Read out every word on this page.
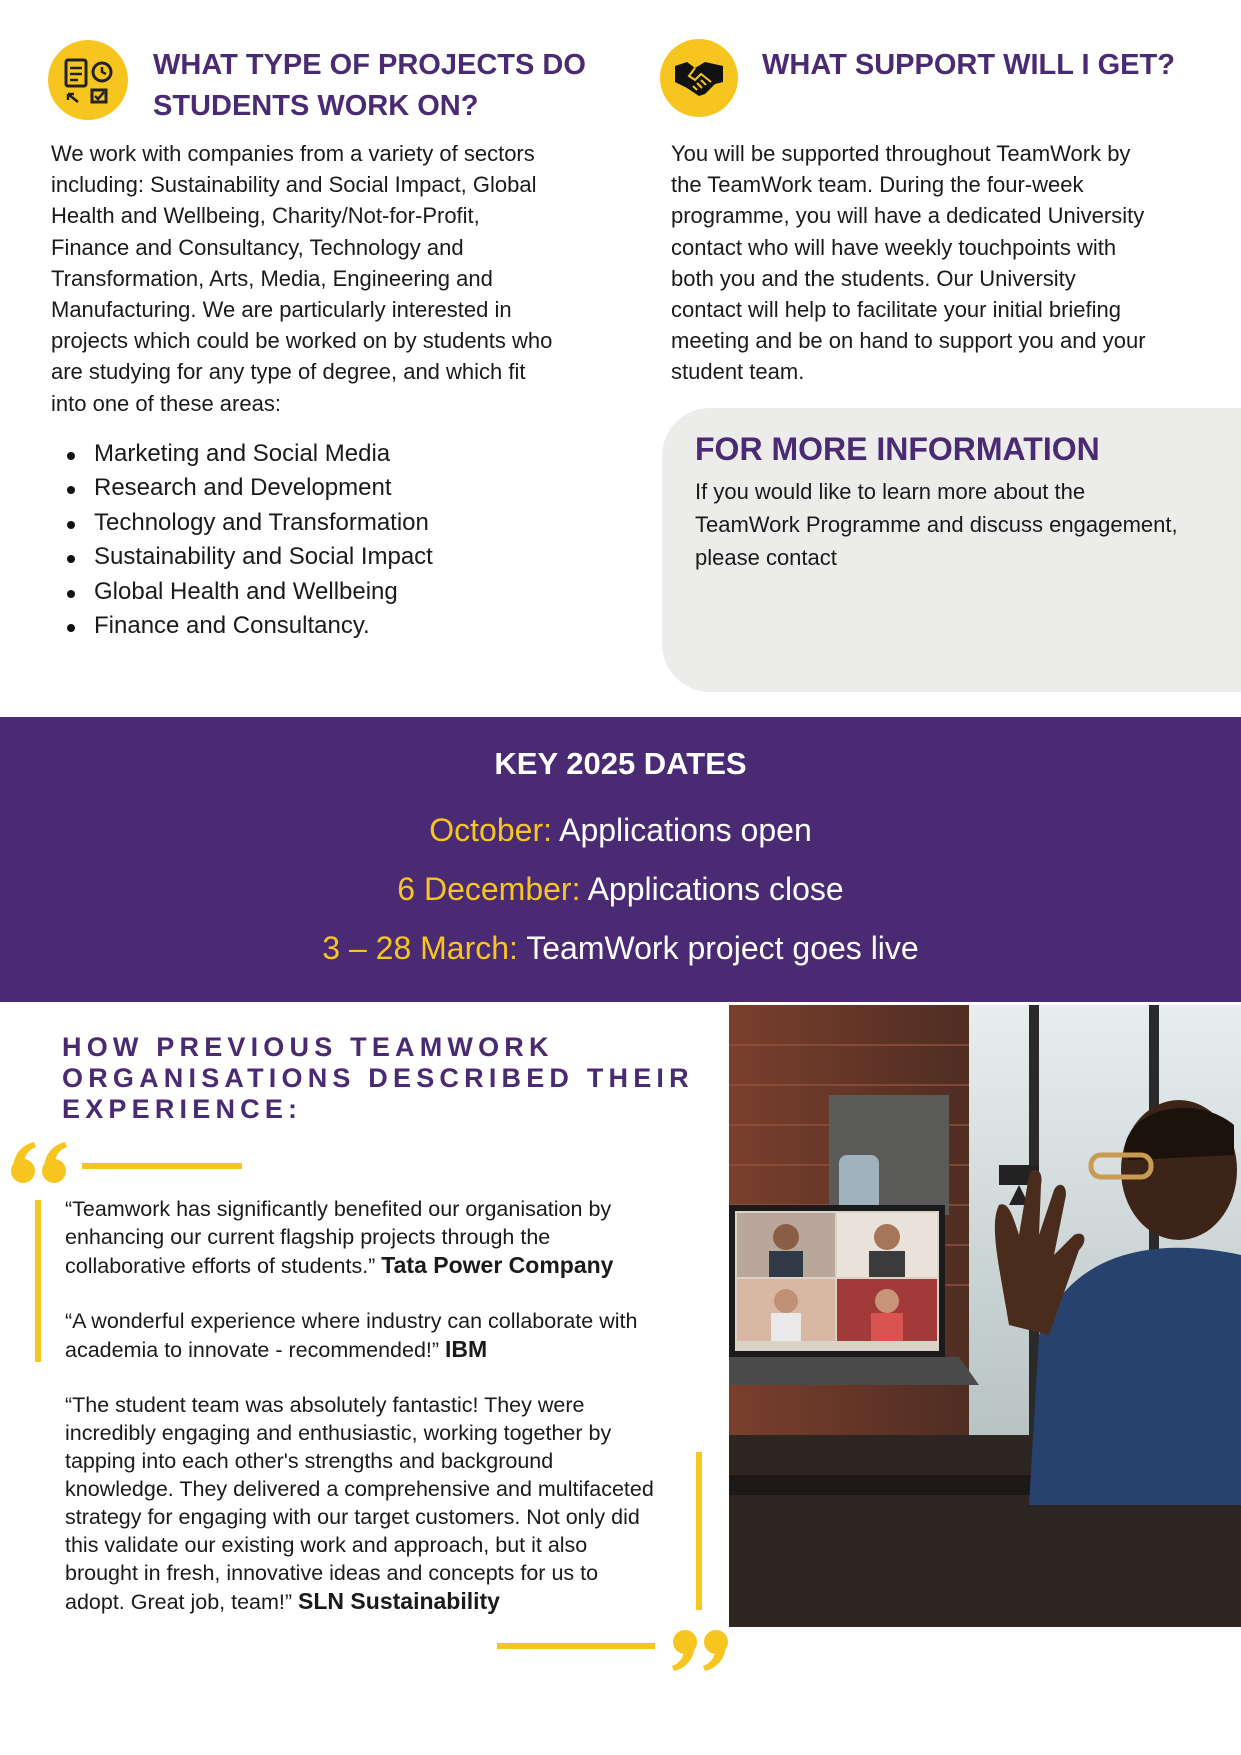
WHAT TYPE OF PROJECTS DO
STUDENTS WORK ON?

We work with companies from a variety of sectors

including: Sustainability and Social Impact, Global

Health and Wellbeing, Charity/Not-for-Profit,

Finance and Consultancy, Technology and

Transformation, Arts, Media, Engineering and

Manufacturing. We are particularly interested in

projects which could be worked on by students who

are studying for any type of degree, and which fit

into one of these areas:

Marketing and Social Media
Research and Development
Technology and Transformation
Sustainability and Social Impact
Global Health and Wellbeing
Finance and Consultancy.
WHAT SUPPORT WILL I GET?

You will be supported throughout TeamWork by

the TeamWork team. During the four-week

programme, you will have a dedicated University

contact who will have weekly touchpoints with

both you and the students. Our University

contact will help to facilitate your initial briefing

meeting and be on hand to support you and your

student team.

FOR MORE INFORMATION

If you would like to learn more about the

TeamWork Programme and discuss engagement,

please contact

KEY 2025 DATES
October: Applications open
6 December: Applications close
3 – 28 March: TeamWork project goes live

HOW PREVIOUS TEAMWORK

ORGANISATIONS DESCRIBED THEIR

EXPERIENCE:

“Teamwork has significantly benefited our organisation by

enhancing our current flagship projects through the

collaborative efforts of students.” Tata Power Company

“A wonderful experience where industry can collaborate with

academia to innovate - recommended!” IBM

“The student team was absolutely fantastic! They were

incredibly engaging and enthusiastic, working together by

tapping into each other's strengths and background

knowledge. They delivered a comprehensive and multifaceted

strategy for engaging with our target customers. Not only did

this validate our existing work and approach, but it also

brought in fresh, innovative ideas and concepts for us to

adopt. Great job, team!” SLN Sustainability
